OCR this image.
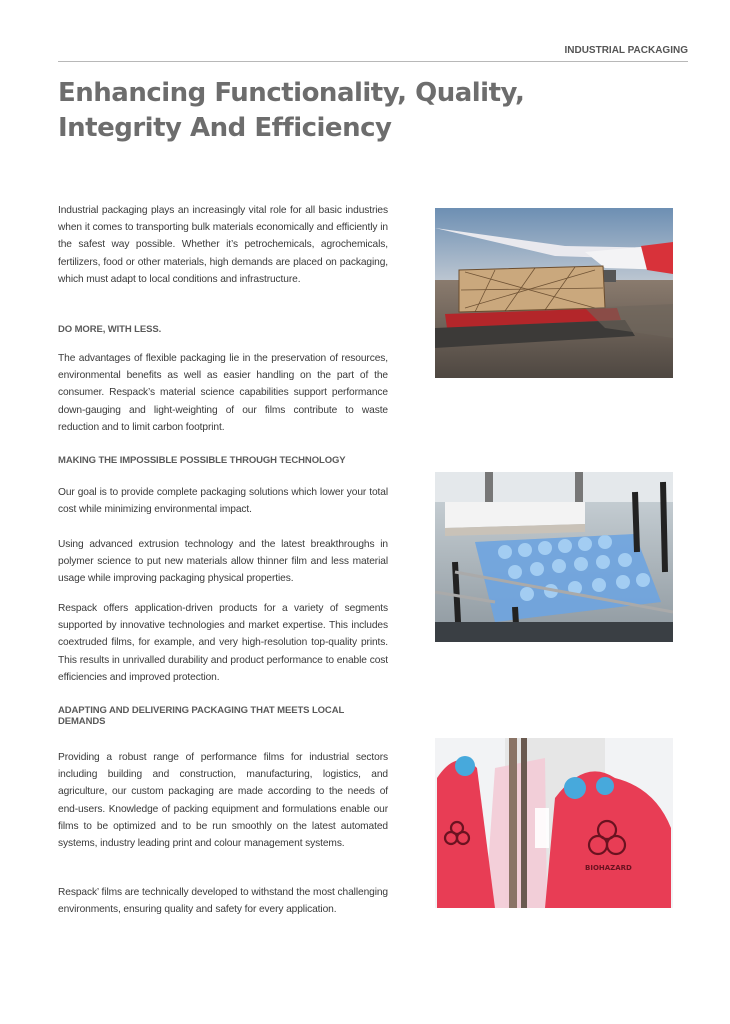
INDUSTRIAL PACKAGING
Enhancing Functionality, Quality, Integrity And Efficiency

Industrial packaging plays an increasingly vital role for all basic industries when it comes to transporting bulk materials economically and efficiently in the safest way possible. Whether it’s petrochemicals, agrochemicals, fertilizers, food or other materials, high demands are placed on packaging, which must adapt to local conditions and infrastructure.

DO MORE, WITH LESS.

The advantages of flexible packaging lie in the preservation of resources, environmental benefits as well as easier handling on the part of the consumer. Respack’s material science capabilities support performance down-gauging and light-weighting of our films contribute to waste reduction and to limit carbon footprint.

MAKING THE IMPOSSIBLE POSSIBLE THROUGH TECHNOLOGY

Our goal is to provide complete packaging solutions which lower your total cost while minimizing environmental impact.

Using advanced extrusion technology and the latest breakthroughs in polymer science to put new materials allow thinner film and less material usage while improving packaging physical properties.

Respack offers application-driven products for a variety of segments supported by innovative technologies and market expertise. This includes coextruded films, for example, and very high-resolution top-quality prints. This results in unrivalled durability and product performance to enable cost efficiencies and improved protection.

ADAPTING AND DELIVERING PACKAGING THAT MEETS LOCAL DEMANDS

Providing a robust range of performance films for industrial sectors including building and construction, manufacturing, logistics, and agriculture, our custom packaging are made according to the needs of end-users. Knowledge of packing equipment and formulations enable our films to be optimized and to be run smoothly on the latest automated systems, industry leading print and colour management systems.

Respack’ films are technically developed to withstand the most challenging environments, ensuring quality and safety for every application.

BIOHAZARD
